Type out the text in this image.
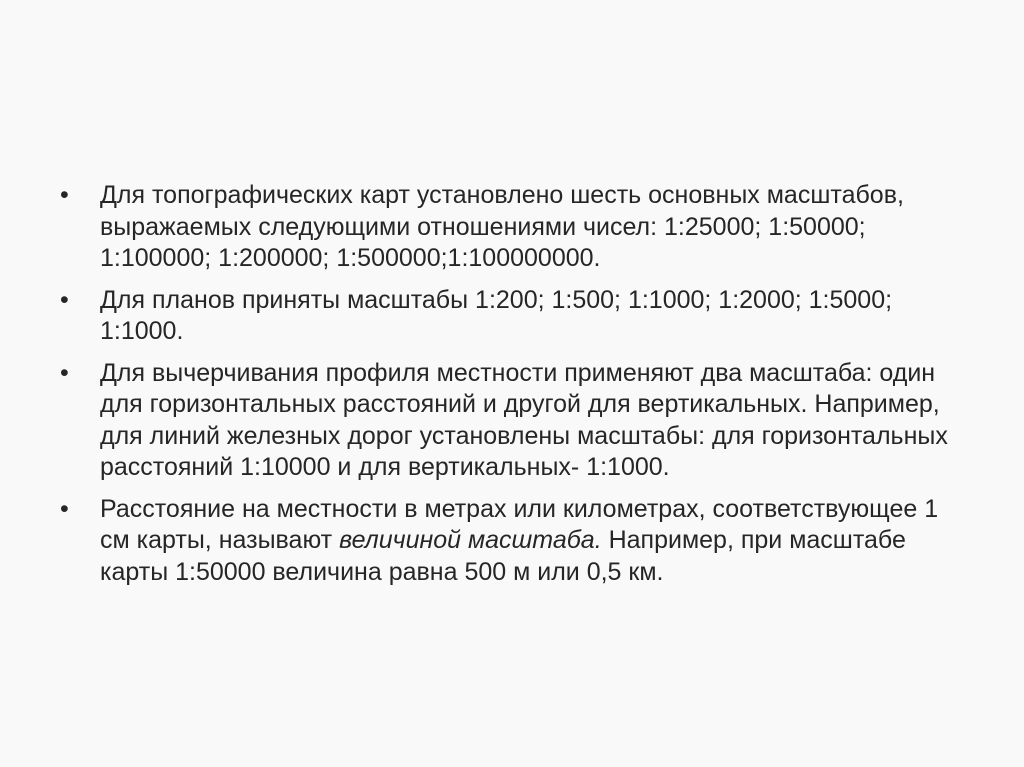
•	Для топографических карт установлено шесть основных масштабов, выражаемых следующими отношениями чисел: 1:25000; 1:50000; 1:100000; 1:200000; 1:500000;1:100000000.
•	Для планов приняты масштабы 1:200; 1:500; 1:1000; 1:2000; 1:5000; 1:1000.
•	Для вычерчивания профиля местности применяют два масштаба: один для горизонтальных расстояний и другой для вертикальных. Например, для линий железных дорог установлены масштабы: для горизонтальных расстояний 1:10000 и для вертикальных- 1:1000.
•	Расстояние на местности в метрах или километрах, соответствующее 1 см карты, называют величиной масштаба. Например, при масштабе карты 1:50000 величина равна 500 м или 0,5 км.
